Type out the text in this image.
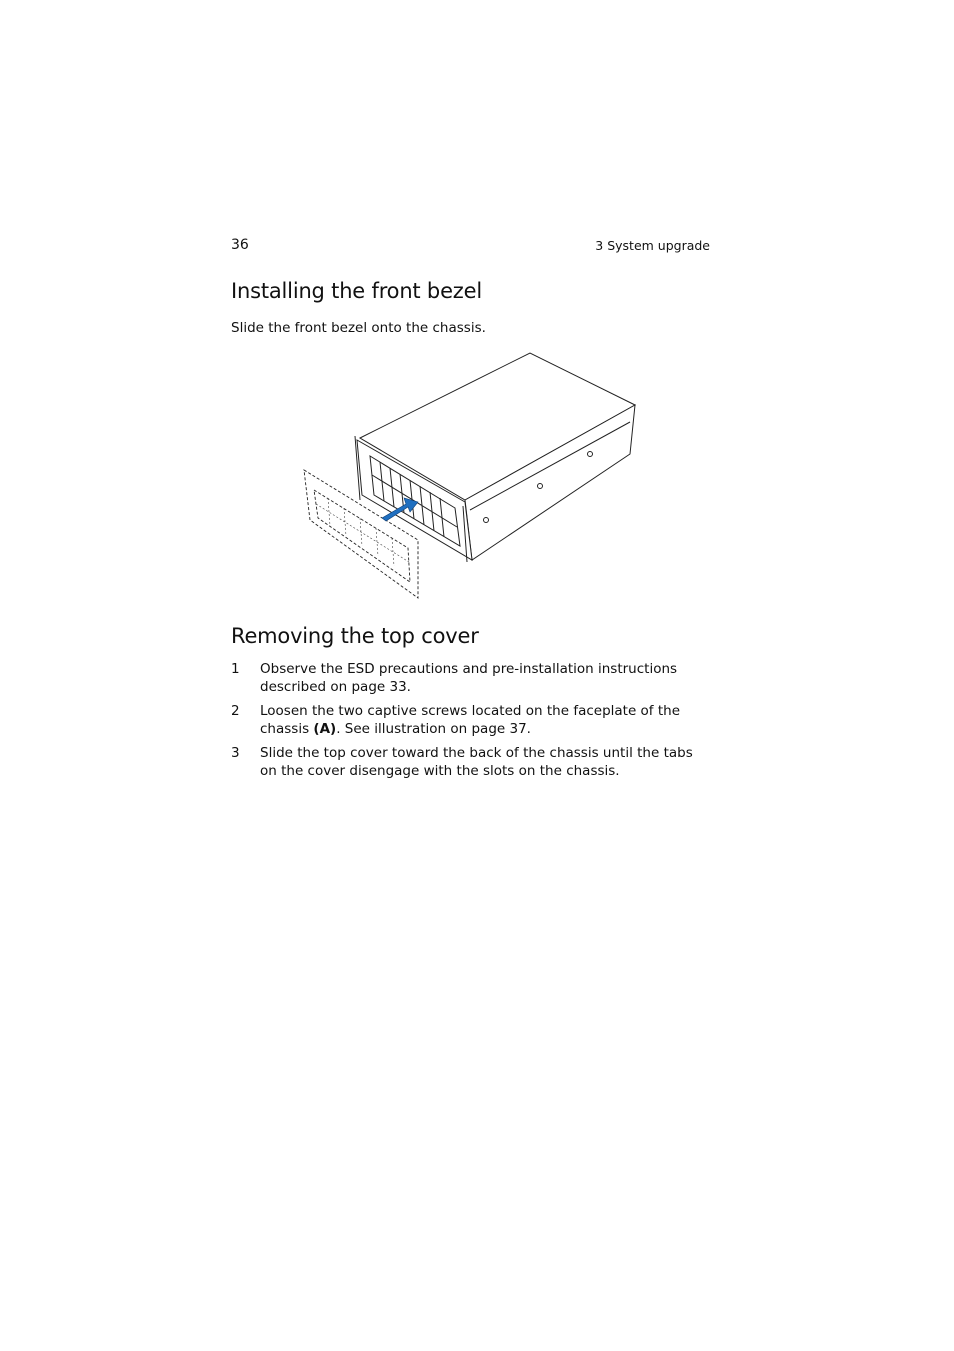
36	3 System upgrade
Installing the front bezel
Slide the front bezel onto the chassis.
Removing the top cover
1 Observe the ESD precautions and pre-installation instructions described on page 33.
2 Loosen the two captive screws located on the faceplate of the chassis (A). See illustration on page 37.
3 Slide the top cover toward the back of the chassis until the tabs on the cover disengage with the slots on the chassis.
